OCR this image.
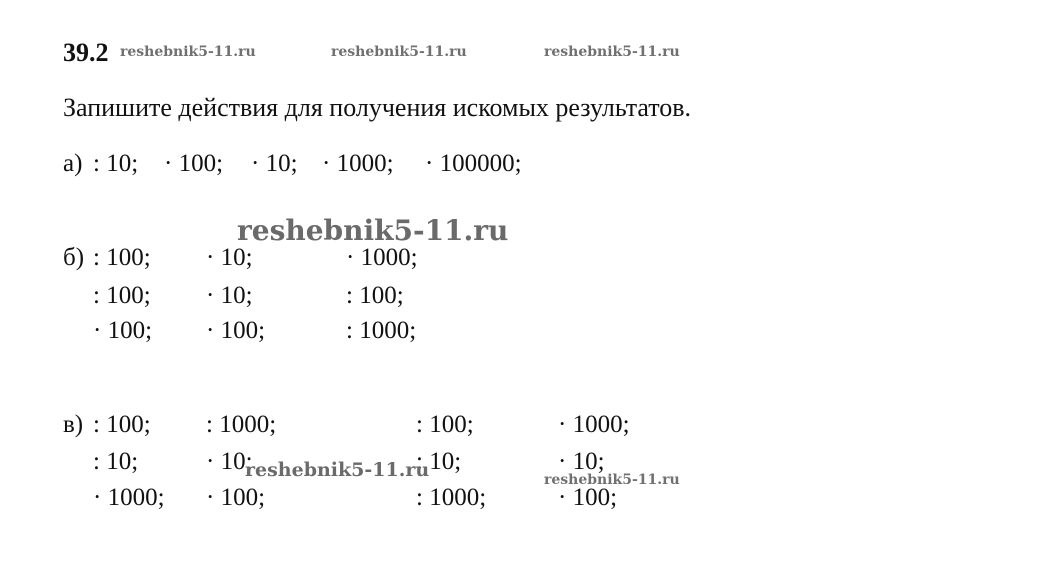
39.2 reshebnik5-11.ru	reshebnik5-11.ru	reshebnik5-11.ru
Запишите действия для получения искомых результатов.
а) : 10; · 100; · 10; · 1000; · 100000;
reshebnik5-11.ru
б) : 100; · 10;	· 1000;
: 100; · 10;	: 100;
· 100; · 100;	: 1000;
в) : 100; : 1000;	: 100;	· 1000;
: 10;	· 10;	: 10;	· 10;
· 1000; · 100;	: 1000;	· 100;
reshebnik5-11.ru	reshebnik5-11.ru
